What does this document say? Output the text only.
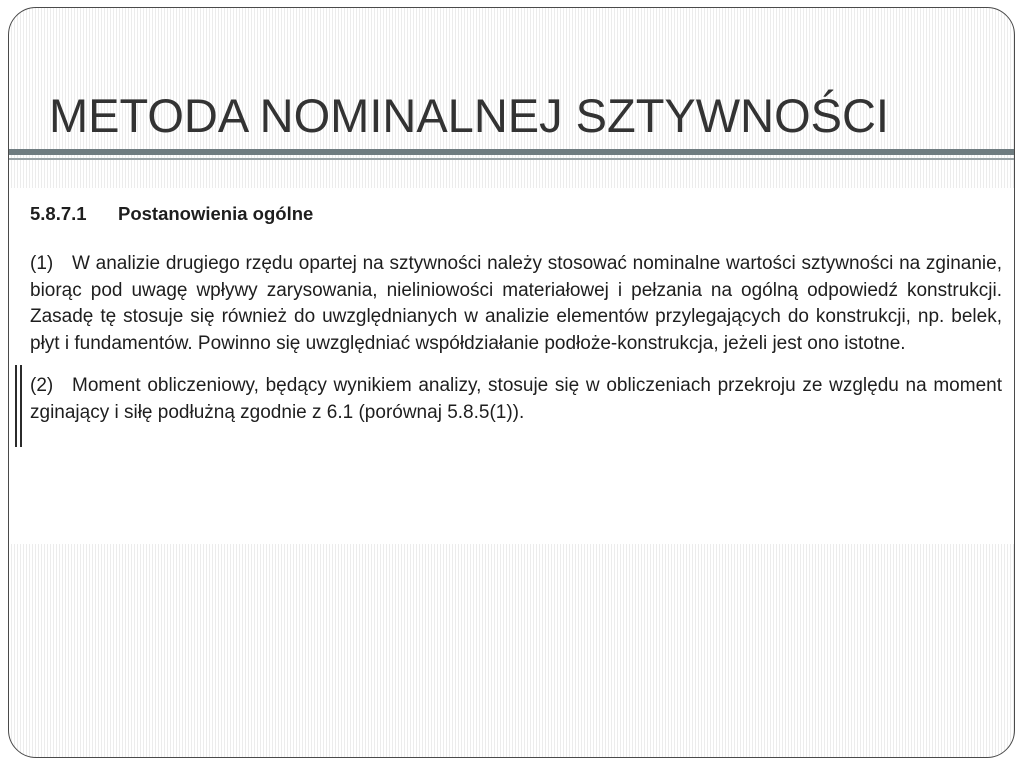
METODA NOMINALNEJ SZTYWNOŚCI
5.8.7.1 Postanowienia ogólne

(1) W analizie drugiego rzędu opartej na sztywności należy stosować nominalne wartości sztywności na zginanie, biorąc pod uwagę wpływy zarysowania, nieliniowości materiałowej i pełzania na ogólną odpowiedź konstrukcji. Zasadę tę stosuje się również do uwzględnianych w analizie elementów przylegających do konstrukcji, np. belek, płyt i fundamentów. Powinno się uwzględniać współdziałanie podłoże-konstrukcja, jeżeli jest ono istotne.

(2) Moment obliczeniowy, będący wynikiem analizy, stosuje się w obliczeniach przekroju ze względu na moment zginający i siłę podłużną zgodnie z 6.1 (porównaj 5.8.5(1)).
